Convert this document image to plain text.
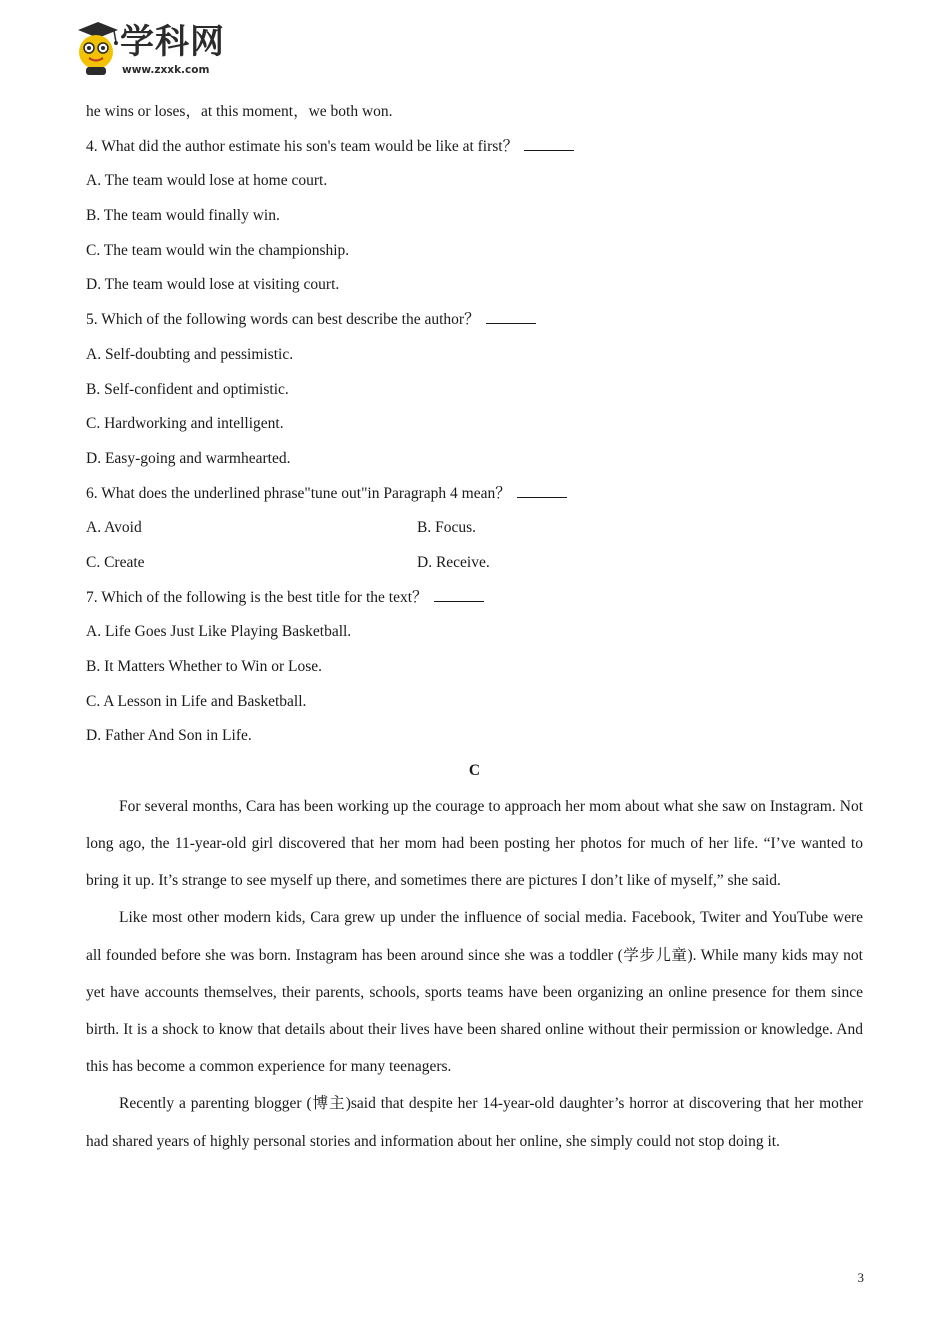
学科网
www.zxxk.com
he wins or loses，at this moment，we both won.
4. What did the author estimate his son's team would be like at first？
A. The team would lose at home court.
B. The team would finally win.
C. The team would win the championship.
D. The team would lose at visiting court.
5. Which of the following words can best describe the author？
A. Self-doubting and pessimistic.
B. Self-confident and optimistic.
C. Hardworking and intelligent.
D. Easy-going and warmhearted.
6. What does the underlined phrase"tune out"in Paragraph 4 mean？
A. Avoid	B. Focus.
C. Create	D. Receive.
7. Which of the following is the best title for the text？
A. Life Goes Just Like Playing Basketball.
B. It Matters Whether to Win or Lose.
C. A Lesson in Life and Basketball.
D. Father And Son in Life.
C

For several months, Cara has been working up the courage to approach her mom about what she saw on Instagram. Not long ago, the 11-year-old girl discovered that her mom had been posting her photos for much of her life. “I’ve wanted to bring it up. It’s strange to see myself up there, and sometimes there are pictures I don’t like of myself,” she said.

Like most other modern kids, Cara grew up under the influence of social media. Facebook, Twiter and YouTube were all founded before she was born. Instagram has been around since she was a toddler (学步儿童). While many kids may not yet have accounts themselves, their parents, schools, sports teams have been organizing an online presence for them since birth. It is a shock to know that details about their lives have been shared online without their permission or knowledge. And this has become a common experience for many teenagers.

Recently a parenting blogger (博主)said that despite her 14-year-old daughter’s horror at discovering that her mother had shared years of highly personal stories and information about her online, she simply could not stop doing it.

3
